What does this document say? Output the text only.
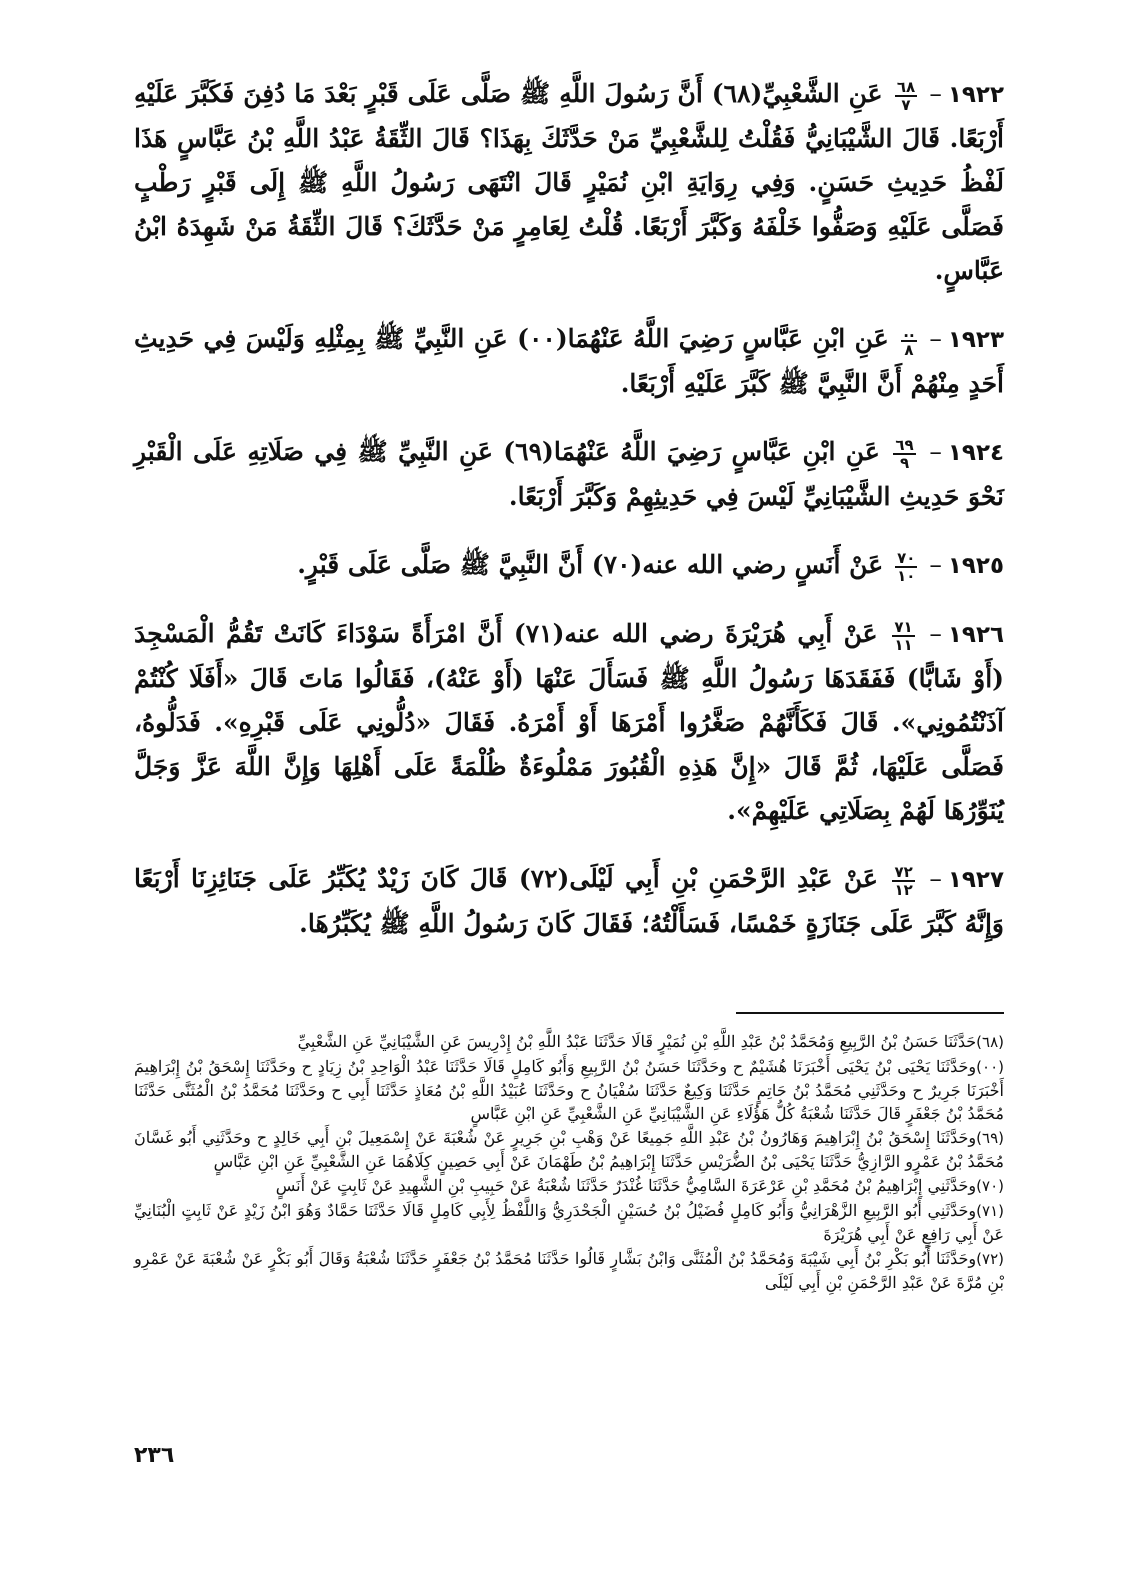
١٩٢٢–
$\frac{٦٨}{٧}$
عَنِ الشَّعْبِيِّ(٦٨) أَنَّ رَسُولَ اللَّهِ ﷺ صَلَّى عَلَى قَبْرٍ بَعْدَ مَا دُفِنَ فَكَبَّرَ عَلَيْهِ أَرْبَعًا. قَالَ الشَّيْبَانِيُّ فَقُلْتُ لِلشَّعْبِيِّ مَنْ حَدَّثَكَ بِهَذَا؟ قَالَ الثِّقَةُ عَبْدُ اللَّهِ بْنُ عَبَّاسٍ هَذَا لَفْظُ حَدِيثِ حَسَنٍ. وَفِي رِوَايَةِ ابْنِ نُمَيْرٍ قَالَ انْتَهَى رَسُولُ اللَّهِ ﷺ إِلَى قَبْرٍ رَطْبٍ فَصَلَّى عَلَيْهِ وَصَفُّوا خَلْفَهُ وَكَبَّرَ أَرْبَعًا. قُلْتُ لِعَامِرٍ مَنْ حَدَّثَكَ؟ قَالَ الثِّقَةُ مَنْ شَهِدَهُ ابْنُ عَبَّاسٍ.
١٩٢٣–
$\frac{..}{٨}$
عَنِ ابْنِ عَبَّاسٍ رَضِيَ اللَّهُ عَنْهُمَا(٠٠) عَنِ النَّبِيِّ ﷺ بِمِثْلِهِ وَلَيْسَ فِي حَدِيثِ أَحَدٍ مِنْهُمْ أَنَّ النَّبِيَّ ﷺ كَبَّرَ عَلَيْهِ أَرْبَعًا.
١٩٢٤–
$\frac{٦٩}{٩}$
عَنِ ابْنِ عَبَّاسٍ رَضِيَ اللَّهُ عَنْهُمَا(٦٩) عَنِ النَّبِيِّ ﷺ فِي صَلَاتِهِ عَلَى الْقَبْرِ نَحْوَ حَدِيثِ الشَّيْبَانِيِّ لَيْسَ فِي حَدِيثِهِمْ وَكَبَّرَ أَرْبَعًا.
١٩٢٥–
$\frac{٧٠}{١٠}$
عَنْ أَنَسٍ رضي الله عنه(٧٠) أَنَّ النَّبِيَّ ﷺ صَلَّى عَلَى قَبْرٍ.
١٩٢٦–
$\frac{٧١}{١١}$
عَنْ أَبِي هُرَيْرَةَ رضي الله عنه(٧١) أَنَّ امْرَأَةً سَوْدَاءَ كَانَتْ تَقُمُّ الْمَسْجِدَ (أَوْ شَابًّا) فَفَقَدَهَا رَسُولُ اللَّهِ ﷺ فَسَأَلَ عَنْهَا (أَوْ عَنْهُ)، فَقَالُوا مَاتَ قَالَ «أَفَلَا كُنْتُمْ آذَنْتُمُونِي». قَالَ فَكَأَنَّهُمْ صَغَّرُوا أَمْرَهَا أَوْ أَمْرَهُ. فَقَالَ «دُلُّونِي عَلَى قَبْرِهِ». فَدَلُّوهُ، فَصَلَّى عَلَيْهَا، ثُمَّ قَالَ «إِنَّ هَذِهِ الْقُبُورَ مَمْلُوءَةٌ ظُلْمَةً عَلَى أَهْلِهَا وَإِنَّ اللَّهَ عَزَّ وَجَلَّ يُنَوِّرُهَا لَهُمْ بِصَلَاتِي عَلَيْهِمْ».
١٩٢٧–
$\frac{٧٢}{١٢}$
عَنْ عَبْدِ الرَّحْمَنِ بْنِ أَبِي لَيْلَى(٧٢) قَالَ كَانَ زَيْدٌ يُكَبِّرُ عَلَى جَنَائِزِنَا أَرْبَعًا وَإِنَّهُ كَبَّرَ عَلَى جَنَازَةٍ خَمْسًا، فَسَأَلْتُهُ؛ فَقَالَ كَانَ رَسُولُ اللَّهِ ﷺ يُكَبِّرُهَا.
(٦٨)حَدَّثَنَا حَسَنُ بْنُ الرَّبِيعِ وَمُحَمَّدُ بْنُ عَبْدِ اللَّهِ بْنِ نُمَيْرٍ قَالَا حَدَّثَنَا عَبْدُ اللَّهِ بْنُ إِدْرِيسَ عَنِ الشَّيْبَانِيِّ عَنِ الشَّعْبِيِّ
(٠٠)وحَدَّثَنَا يَحْيَى بْنُ يَحْيَى أَخْبَرَنَا هُشَيْمٌ ح وحَدَّثَنَا حَسَنُ بْنُ الرَّبِيعِ وَأَبُو كَامِلٍ قَالَا حَدَّثَنَا عَبْدُ الْوَاحِدِ بْنُ زِيَادٍ ح وحَدَّثَنَا إِسْحَقُ بْنُ إِبْرَاهِيمَ أَخْبَرَنَا جَرِيرٌ ح وحَدَّثَنِي مُحَمَّدُ بْنُ حَاتِمٍ حَدَّثَنَا وَكِيعٌ حَدَّثَنَا سُفْيَانُ ح وحَدَّثَنَا عُبَيْدُ اللَّهِ بْنُ مُعَاذٍ حَدَّثَنَا أَبِي ح وحَدَّثَنَا مُحَمَّدُ بْنُ الْمُثَنَّى حَدَّثَنَا مُحَمَّدُ بْنُ جَعْفَرٍ قَالَ حَدَّثَنَا شُعْبَةُ كُلُّ هَؤُلَاءِ عَنِ الشَّيْبَانِيِّ عَنِ الشَّعْبِيِّ عَنِ ابْنِ عَبَّاسٍ
(٦٩)وحَدَّثَنَا إِسْحَقُ بْنُ إِبْرَاهِيمَ وَهَارُونُ بْنُ عَبْدِ اللَّهِ جَمِيعًا عَنْ وَهْبِ بْنِ جَرِيرٍ عَنْ شُعْبَةَ عَنْ إِسْمَعِيلَ بْنِ أَبِي خَالِدٍ ح وحَدَّثَنِي أَبُو غَسَّانَ مُحَمَّدُ بْنُ عَمْرٍو الرَّازِيُّ حَدَّثَنَا يَحْيَى بْنُ الضُّرَيْسِ حَدَّثَنَا إِبْرَاهِيمُ بْنُ طَهْمَانَ عَنْ أَبِي حَصِينٍ كِلَاهُمَا عَنِ الشَّعْبِيِّ عَنِ ابْنِ عَبَّاسٍ
(٧٠)وحَدَّثَنِي إِبْرَاهِيمُ بْنُ مُحَمَّدِ بْنِ عَرْعَرَةَ السَّامِيُّ حَدَّثَنَا غُنْدَرٌ حَدَّثَنَا شُعْبَةُ عَنْ حَبِيبِ بْنِ الشَّهِيدِ عَنْ ثَابِتٍ عَنْ أَنَسٍ
(٧١)وحَدَّثَنِي أَبُو الرَّبِيعِ الزَّهْرَانِيُّ وَأَبُو كَامِلٍ فُضَيْلُ بْنُ حُسَيْنٍ الْجَحْدَرِيُّ وَاللَّفْظُ لِأَبِي كَامِلٍ قَالَا حَدَّثَنَا حَمَّادٌ وَهُوَ ابْنُ زَيْدٍ عَنْ ثَابِتٍ الْبُنَانِيِّ عَنْ أَبِي رَافِعٍ عَنْ أَبِي هُرَيْرَةَ
(٧٢)وحَدَّثَنَا أَبُو بَكْرِ بْنُ أَبِي شَيْبَةَ وَمُحَمَّدُ بْنُ الْمُثَنَّى وَابْنُ بَشَّارٍ قَالُوا حَدَّثَنَا مُحَمَّدُ بْنُ جَعْفَرٍ حَدَّثَنَا شُعْبَةُ وَقَالَ أَبُو بَكْرٍ عَنْ شُعْبَةَ عَنْ عَمْرِو بْنِ مُرَّةَ عَنْ عَبْدِ الرَّحْمَنِ بْنِ أَبِي لَيْلَى
٢٣٦
